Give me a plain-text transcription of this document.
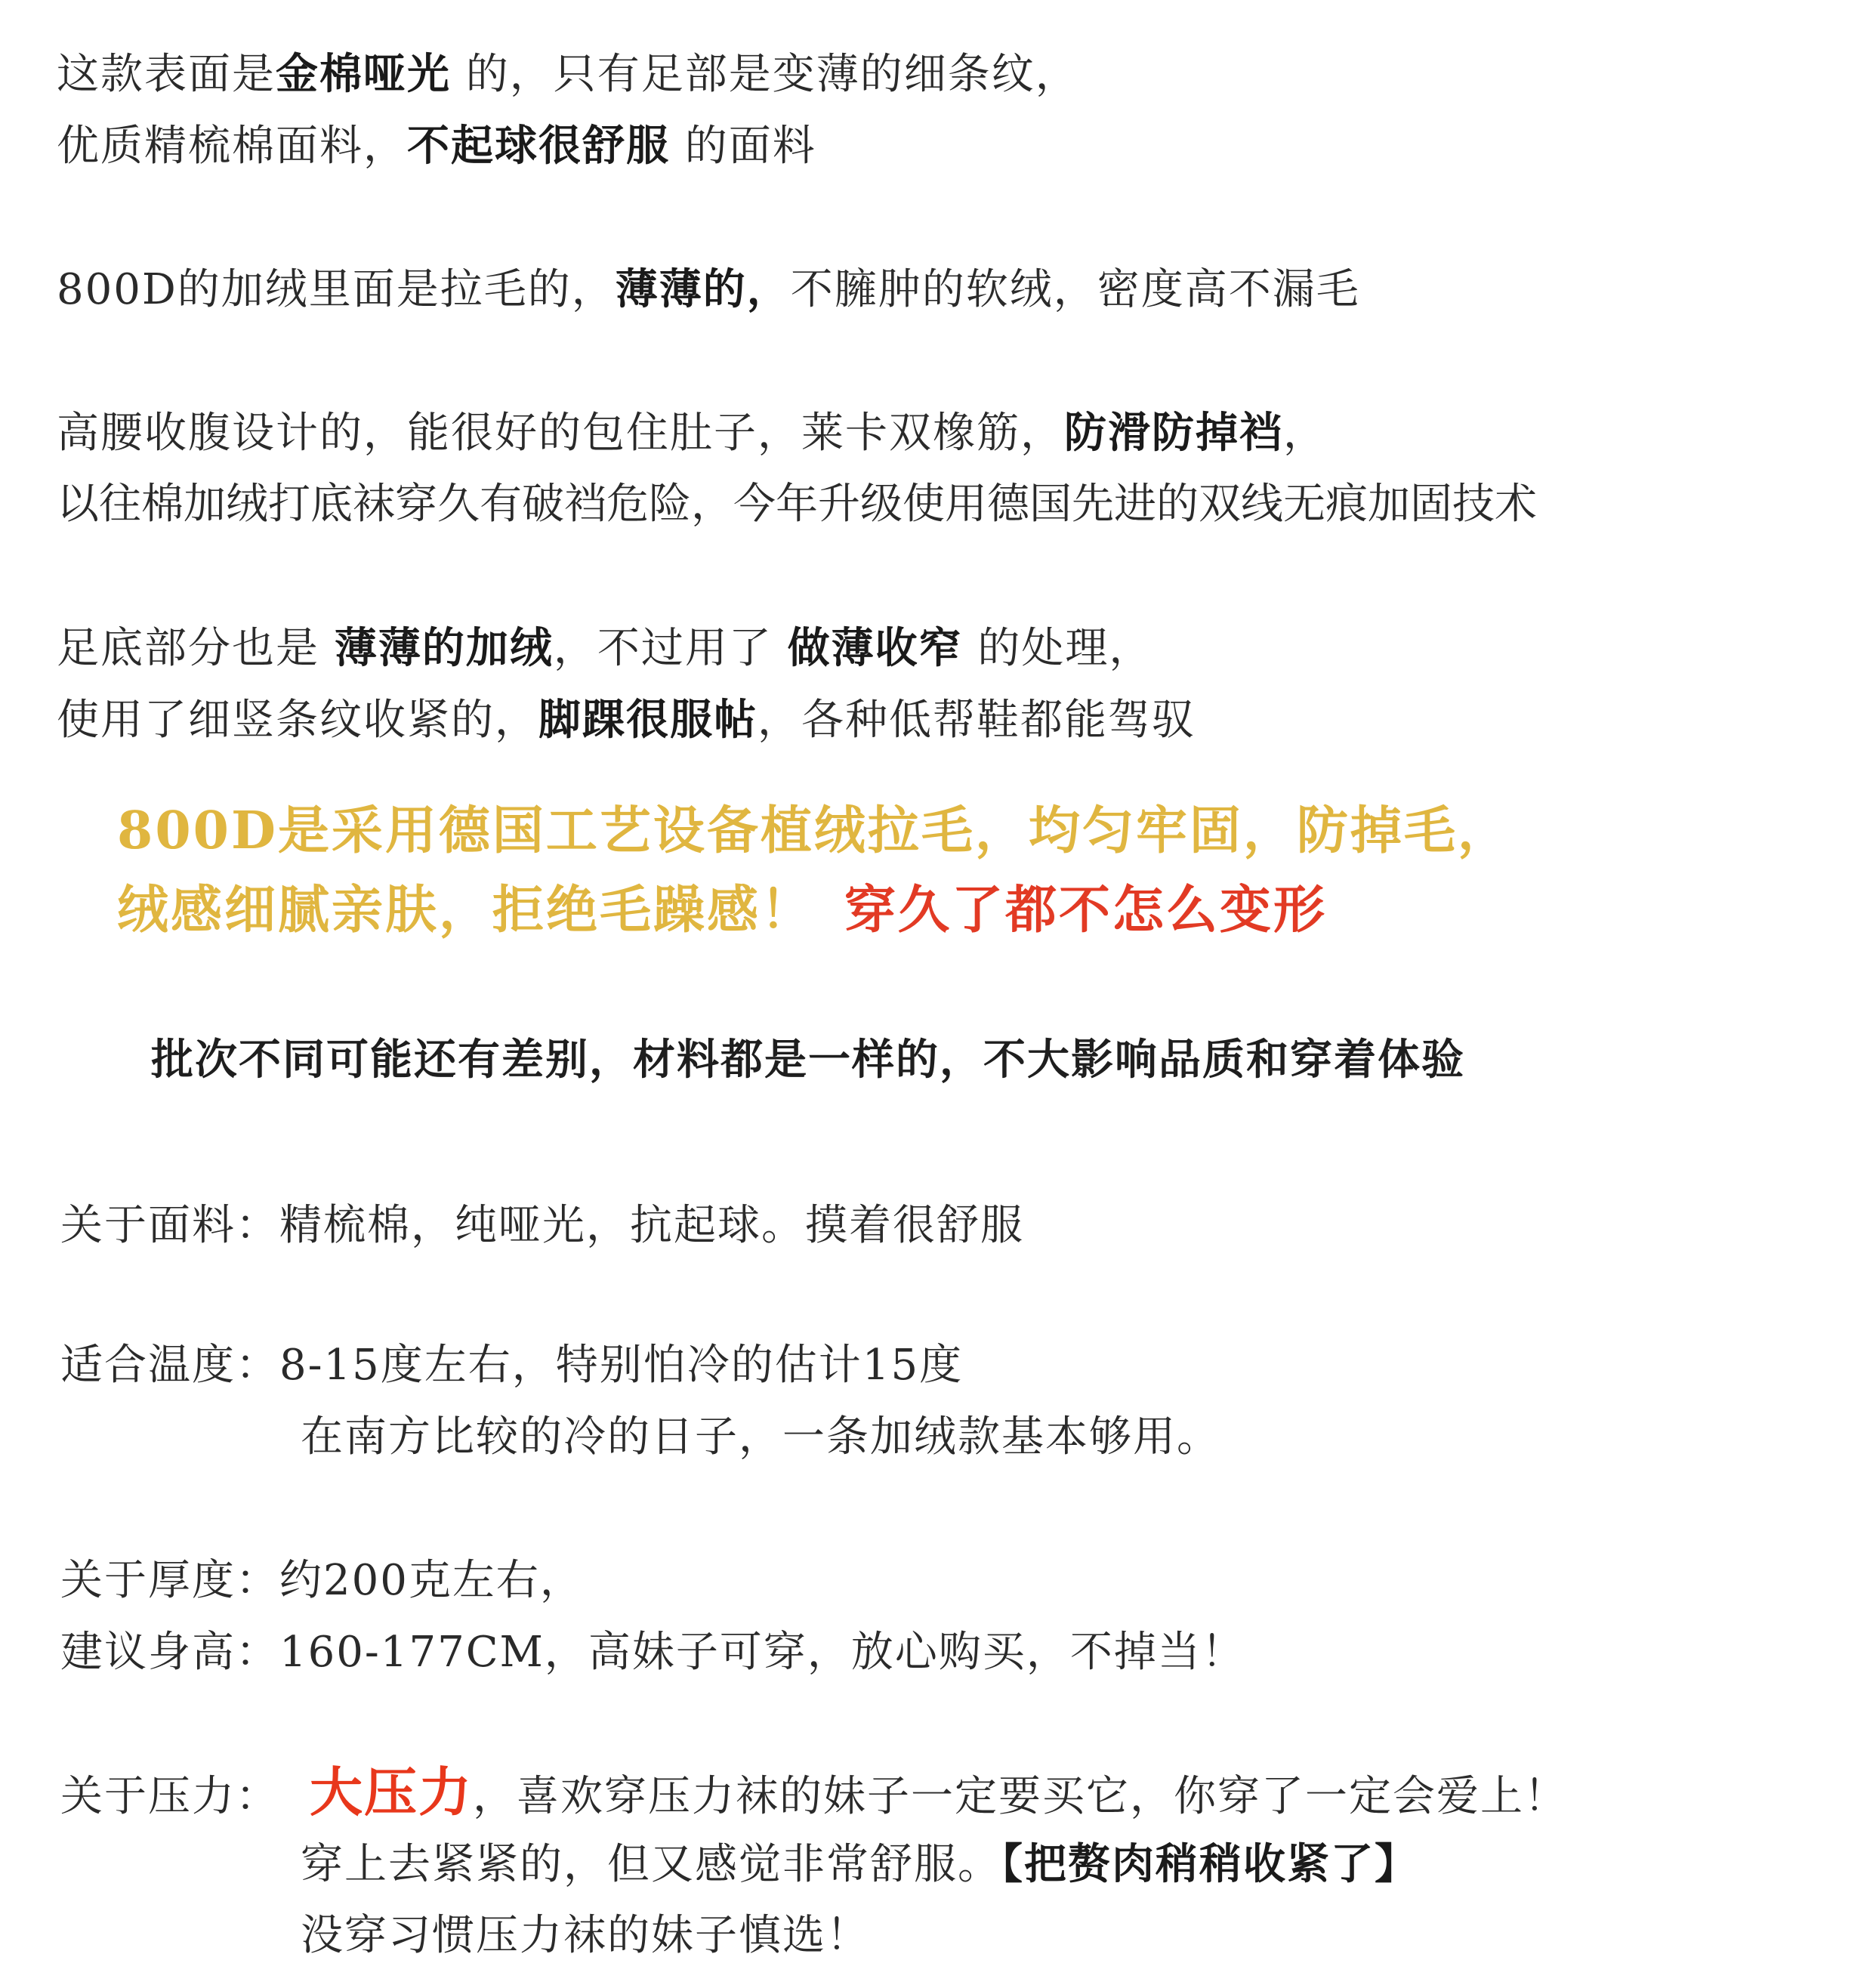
这款表面是金棉哑光 的，只有足部是变薄的细条纹，
优质精梳棉面料，不起球很舒服 的面料
800D的加绒里面是拉毛的，薄薄的，不臃肿的软绒，密度高不漏毛
高腰收腹设计的，能很好的包住肚子，莱卡双橡筋，防滑防掉裆，
以往棉加绒打底袜穿久有破裆危险，今年升级使用德国先进的双线无痕加固技术
足底部分也是 薄薄的加绒，不过用了 做薄收窄 的处理，
使用了细竖条纹收紧的，脚踝很服帖，各种低帮鞋都能驾驭
800D是采用德国工艺设备植绒拉毛，均匀牢固，防掉毛，
绒感细腻亲肤，拒绝毛躁感！ 穿久了都不怎么变形
批次不同可能还有差别，材料都是一样的，不大影响品质和穿着体验
关于面料：精梳棉，纯哑光，抗起球。摸着很舒服
适合温度：8-15度左右，特别怕冷的估计15度
在南方比较的冷的日子，一条加绒款基本够用。
关于厚度：约200克左右，
建议身高：160-177CM，高妹子可穿，放心购买，不掉当！
关于压力： 大压力，喜欢穿压力袜的妹子一定要买它，你穿了一定会爱上！
穿上去紧紧的，但又感觉非常舒服。【把赘肉稍稍收紧了】
没穿习惯压力袜的妹子慎选！
